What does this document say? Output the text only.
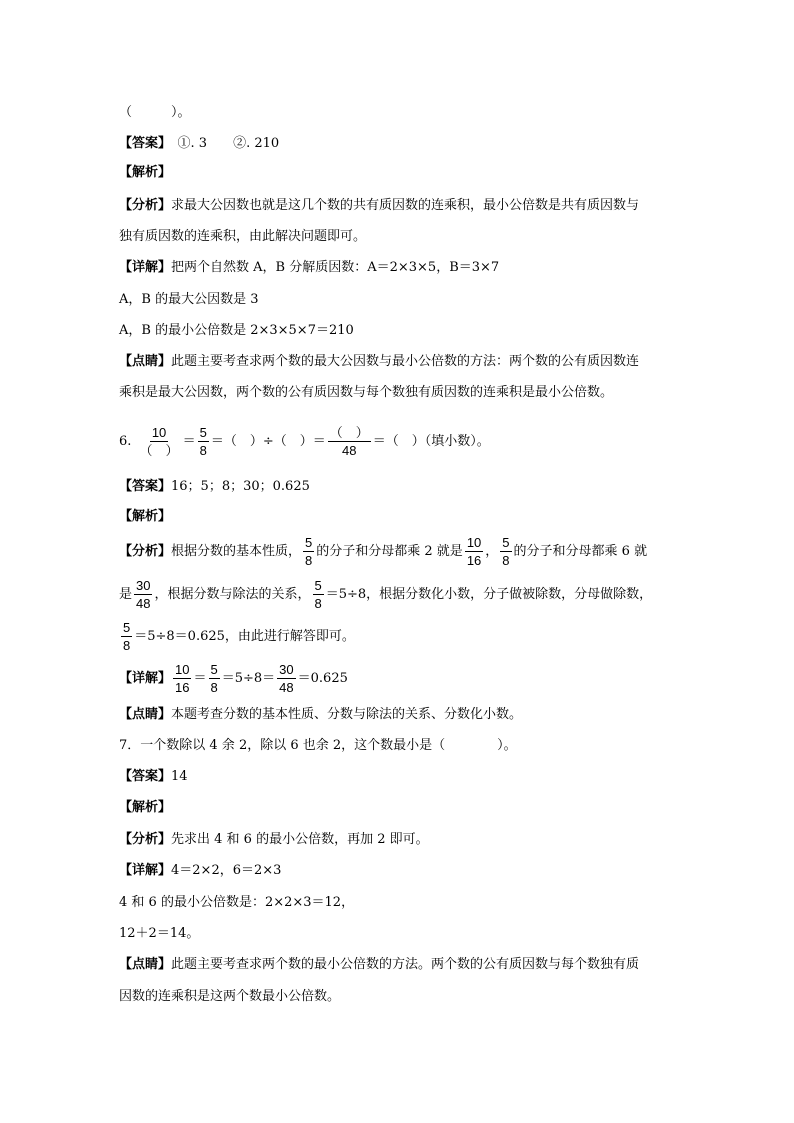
（　　　）。
【答案】　 ①. 3　　②. 210
【解析】
【分析】求最大公因数也就是这几个数的共有质因数的连乘积，最小公倍数是共有质因数与
独有质因数的连乘积，由此解决问题即可。
【详解】把两个自然数 A，B 分解质因数：A＝2×3×5，B＝3×7
A，B 的最大公因数是 3
A，B 的最小公倍数是 2×3×5×7＝210
【点睛】此题主要考查求两个数的最大公因数与最小公倍数的方法：两个数的公有质因数连
乘积是最大公因数，两个数的公有质因数与每个数独有质因数的连乘积是最小公倍数。
6. $\frac{10}{( )} = \frac{5}{8}$ ＝（　）÷（　）＝ $\frac{( )}{48}$ ＝（　）（填小数）。
【答案】16；5；8；30；0.625
【解析】
【分析】根据分数的基本性质， $\frac{5}{8}$ 的分子和分母都乘 2 就是 $\frac{10}{16}$ ， $\frac{5}{8}$ 的分子和分母都乘 6 就
是 $\frac{30}{48}$ ，根据分数与除法的关系， $\frac{5}{8} =5\div 8$，根据分数化小数，分子做被除数，分母做除数，
$\frac{5}{8} =5\div 8=0.625$，由此进行解答即可。
【详解】 $\frac{10}{16} = \frac{5}{8} =5\div 8= \frac{30}{48} =0.625$
【点睛】本题考查分数的基本性质、分数与除法的关系、分数化小数。
7．一个数除以 4 余 2，除以 6 也余 2，这个数最小是（　　　　）。
【答案】14
【解析】
【分析】先求出 4 和 6 的最小公倍数，再加 2 即可。
【详解】4＝2×2，6＝2×3
4 和 6 的最小公倍数是：2×2×3＝12，
12＋2＝14。
【点睛】此题主要考查求两个数的最小公倍数的方法。两个数的公有质因数与每个数独有质
因数的连乘积是这两个数最小公倍数。
